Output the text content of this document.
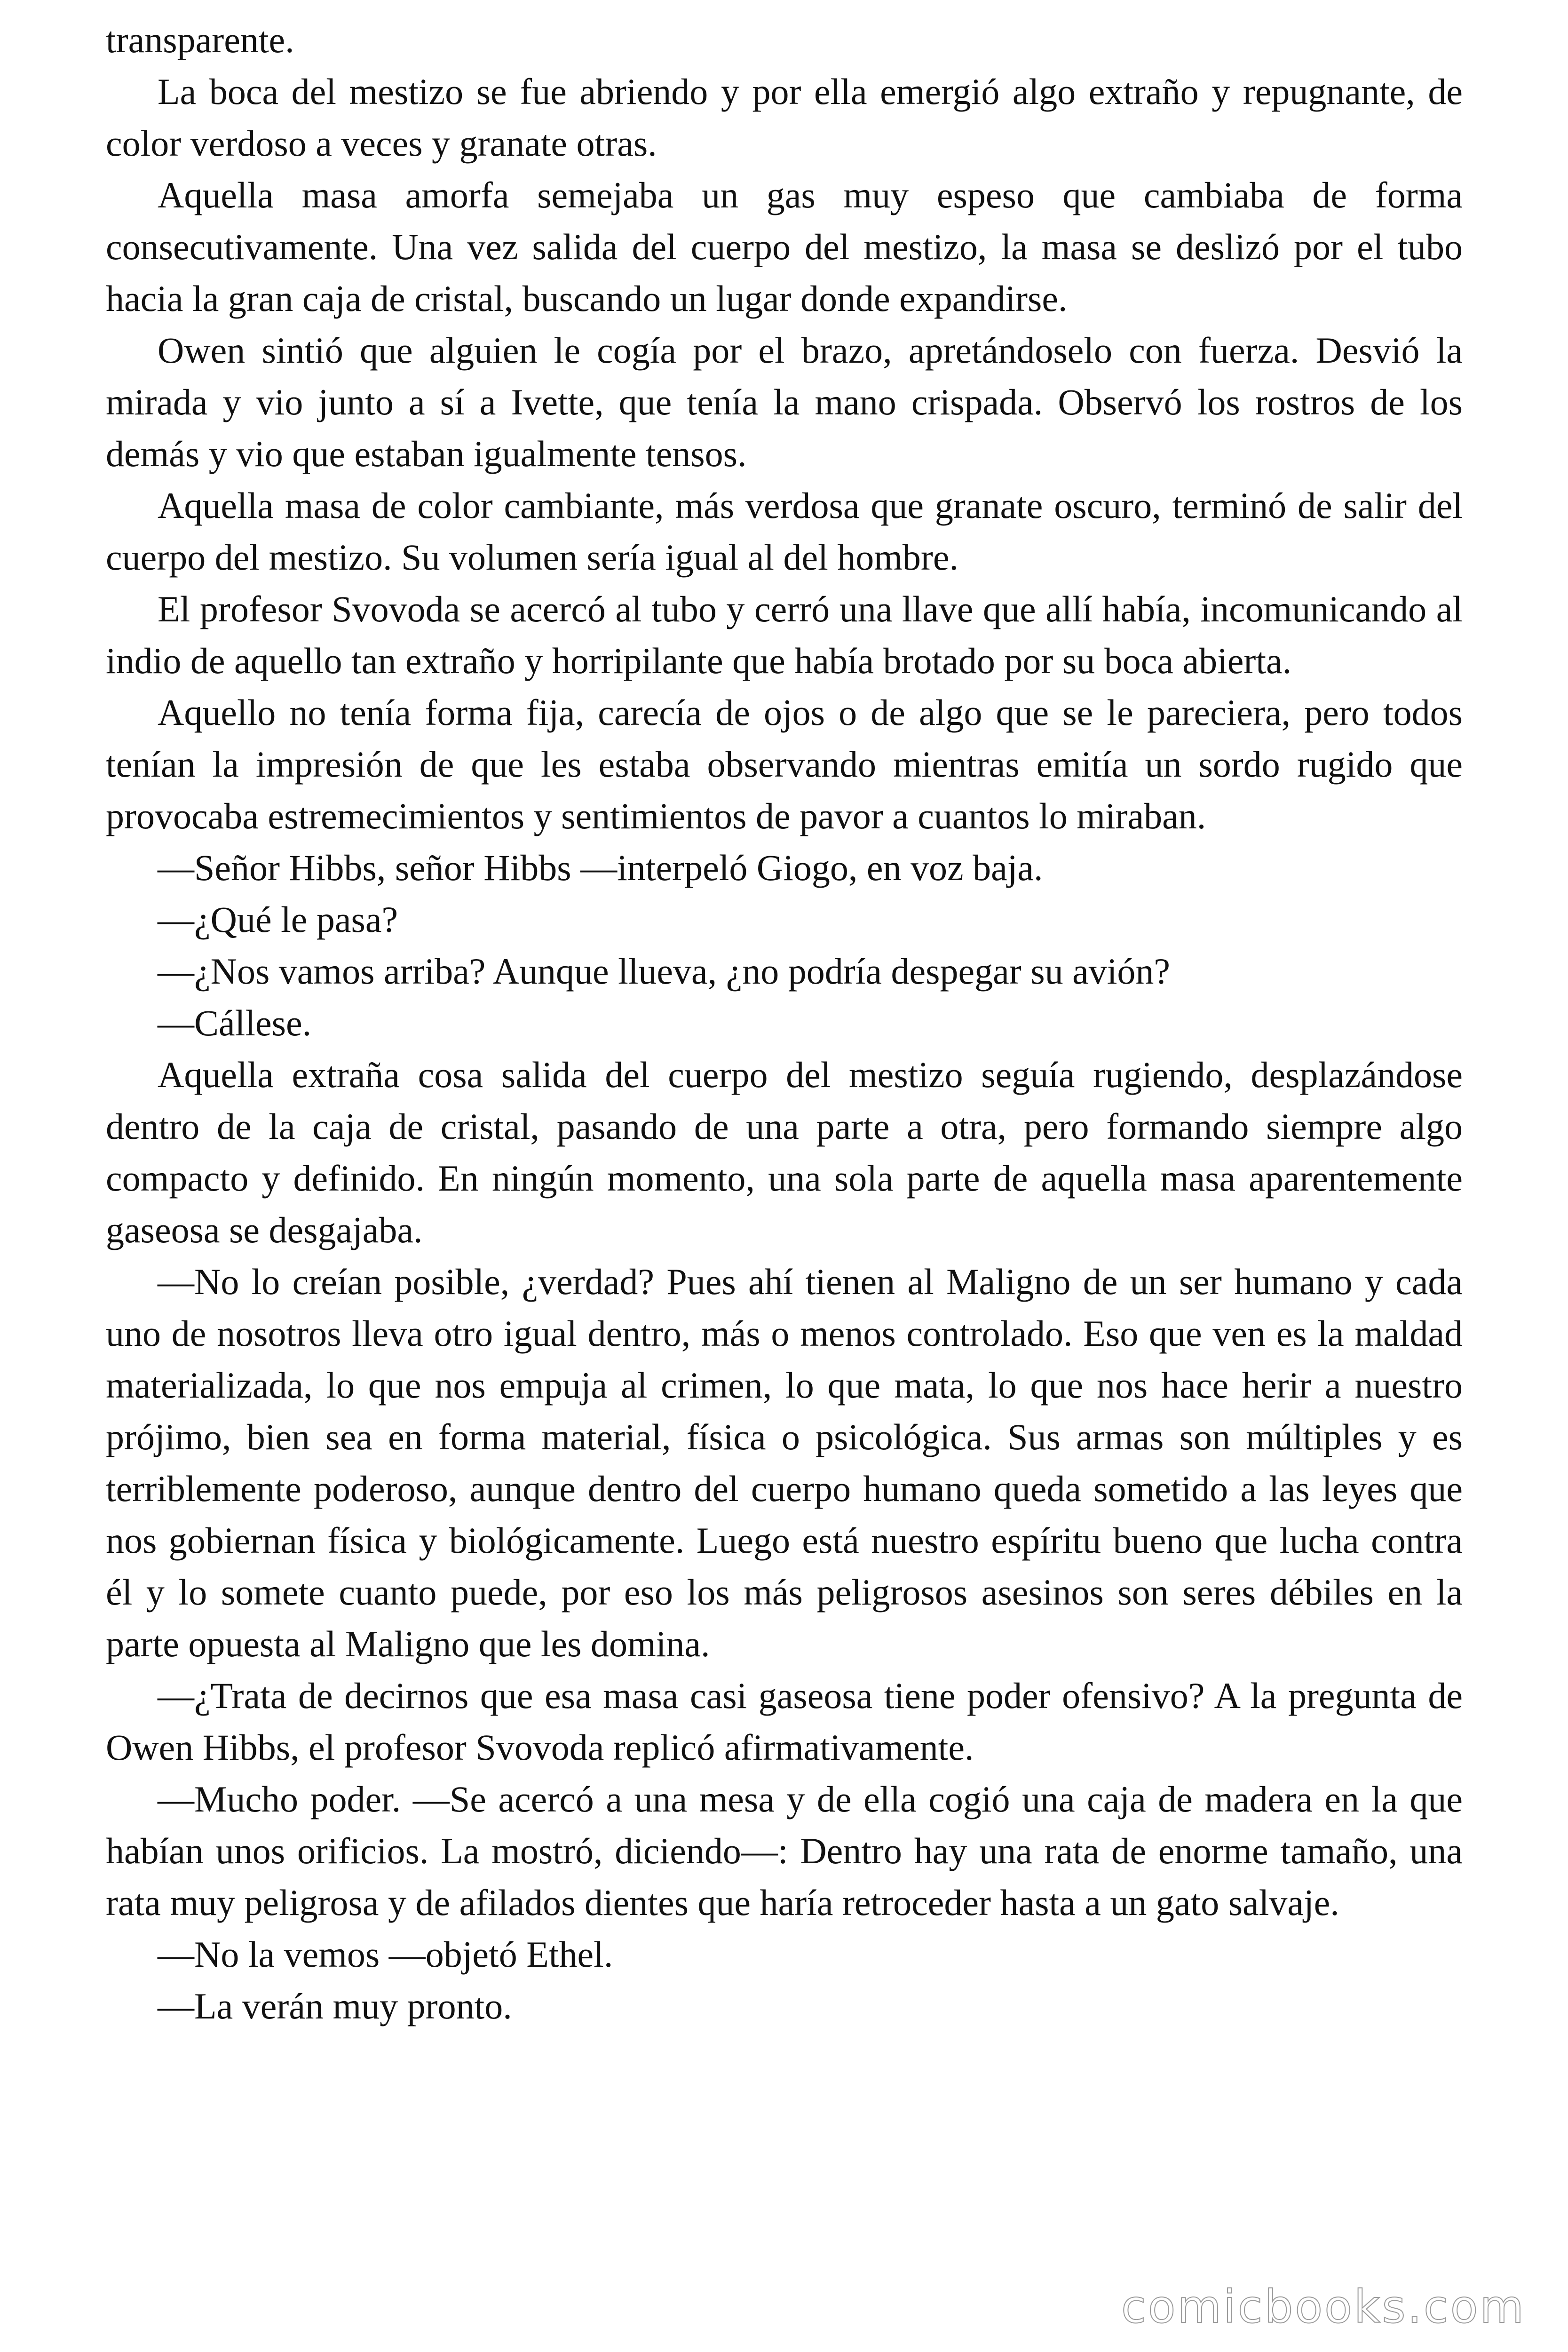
transparente.

La boca del mestizo se fue abriendo y por ella emergió algo extraño y repugnante, de color verdoso a veces y granate otras.

Aquella masa amorfa semejaba un gas muy espeso que cambiaba de forma consecutivamente. Una vez salida del cuerpo del mestizo, la masa se deslizó por el tubo hacia la gran caja de cristal, buscando un lugar donde expandirse.

Owen sintió que alguien le cogía por el brazo, apretándoselo con fuerza. Desvió la mirada y vio junto a sí a Ivette, que tenía la mano crispada. Observó los rostros de los demás y vio que estaban igualmente tensos.

Aquella masa de color cambiante, más verdosa que granate oscuro, terminó de salir del cuerpo del mestizo. Su volumen sería igual al del hombre.

El profesor Svovoda se acercó al tubo y cerró una llave que allí había, incomunicando al indio de aquello tan extraño y horripilante que había brotado por su boca abierta.

Aquello no tenía forma fija, carecía de ojos o de algo que se le pareciera, pero todos tenían la impresión de que les estaba observando mientras emitía un sordo rugido que provocaba estremecimientos y sentimientos de pavor a cuantos lo miraban.

—Señor Hibbs, señor Hibbs —interpeló Giogo, en voz baja.

—¿Qué le pasa?

—¿Nos vamos arriba? Aunque llueva, ¿no podría despegar su avión?

—Cállese.

Aquella extraña cosa salida del cuerpo del mestizo seguía rugiendo, desplazándose dentro de la caja de cristal, pasando de una parte a otra, pero formando siempre algo compacto y definido. En ningún momento, una sola parte de aquella masa aparentemente gaseosa se desgajaba.

—No lo creían posible, ¿verdad? Pues ahí tienen al Maligno de un ser humano y cada uno de nosotros lleva otro igual dentro, más o menos controlado. Eso que ven es la maldad materializada, lo que nos empuja al crimen, lo que mata, lo que nos hace herir a nuestro prójimo, bien sea en forma material, física o psicológica. Sus armas son múltiples y es terriblemente poderoso, aunque dentro del cuerpo humano queda sometido a las leyes que nos gobiernan física y biológicamente. Luego está nuestro espíritu bueno que lucha contra él y lo somete cuanto puede, por eso los más peligrosos asesinos son seres débiles en la parte opuesta al Maligno que les domina.

—¿Trata de decirnos que esa masa casi gaseosa tiene poder ofensivo? A la pregunta de Owen Hibbs, el profesor Svovoda replicó afirmativamente.

—Mucho poder. —Se acercó a una mesa y de ella cogió una caja de madera en la que habían unos orificios. La mostró, diciendo—: Dentro hay una rata de enorme tamaño, una rata muy peligrosa y de afilados dientes que haría retroceder hasta a un gato salvaje.

—No la vemos —objetó Ethel.

—La verán muy pronto.

comicbooks.com
